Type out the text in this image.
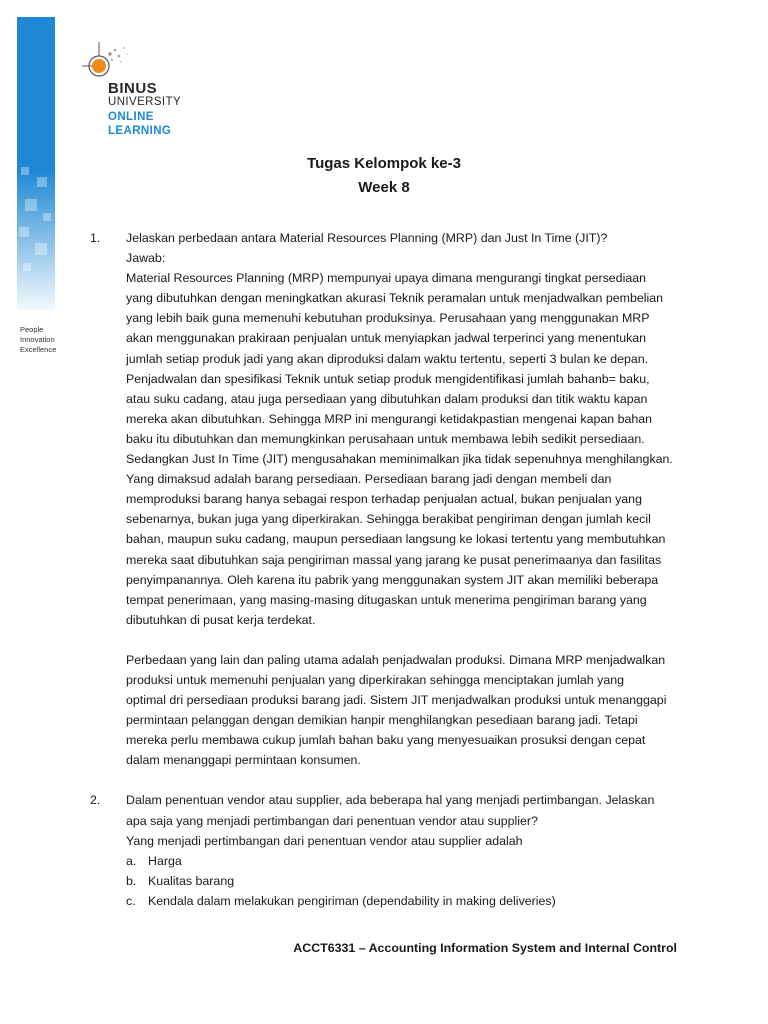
BINUS
UNIVERSITY
ONLINE
LEARNING
People
Innovation
Excellence
Tugas Kelompok ke-3
Week 8
1. Jelaskan perbedaan antara Material Resources Planning (MRP) dan Just In Time (JIT)?
Jawab:
Material Resources Planning (MRP) mempunyai upaya dimana mengurangi tingkat persediaan
yang dibutuhkan dengan meningkatkan akurasi Teknik peramalan untuk menjadwalkan pembelian
yang lebih baik guna memenuhi kebutuhan produksinya. Perusahaan yang menggunakan MRP
akan menggunakan prakiraan penjualan untuk menyiapkan jadwal terperinci yang menentukan
jumlah setiap produk jadi yang akan diproduksi dalam waktu tertentu, seperti 3 bulan ke depan.
Penjadwalan dan spesifikasi Teknik untuk setiap produk mengidentifikasi jumlah bahanb= baku,
atau suku cadang, atau juga persediaan yang dibutuhkan dalam produksi dan titik waktu kapan
mereka akan dibutuhkan. Sehingga MRP ini mengurangi ketidakpastian mengenai kapan bahan
baku itu dibutuhkan dan memungkinkan perusahaan untuk membawa lebih sedikit persediaan.
Sedangkan Just In Time (JIT) mengusahakan meminimalkan jika tidak sepenuhnya menghilangkan.
Yang dimaksud adalah barang persediaan. Persediaan barang jadi dengan membeli dan
memproduksi barang hanya sebagai respon terhadap penjualan actual, bukan penjualan yang
sebenarnya, bukan juga yang diperkirakan. Sehingga berakibat pengiriman dengan jumlah kecil
bahan, maupun suku cadang, maupun persediaan langsung ke lokasi tertentu yang membutuhkan
mereka saat dibutuhkan saja pengiriman massal yang jarang ke pusat penerimaanya dan fasilitas
penyimpanannya. Oleh karena itu pabrik yang menggunakan system JIT akan memiliki beberapa
tempat penerimaan, yang masing-masing ditugaskan untuk menerima pengiriman barang yang
dibutuhkan di pusat kerja terdekat.
Perbedaan yang lain dan paling utama adalah penjadwalan produksi. Dimana MRP menjadwalkan
produksi untuk memenuhi penjualan yang diperkirakan sehingga menciptakan jumlah yang
optimal dri persediaan produksi barang jadi. Sistem JIT menjadwalkan produksi untuk menanggapi
permintaan pelanggan dengan demikian hanpir menghilangkan pesediaan barang jadi. Tetapi
mereka perlu membawa cukup jumlah bahan baku yang menyesuaikan prosuksi dengan cepat
dalam menanggapi permintaan konsumen.
2. Dalam penentuan vendor atau supplier, ada beberapa hal yang menjadi pertimbangan. Jelaskan
apa saja yang menjadi pertimbangan dari penentuan vendor atau supplier?
Yang menjadi pertimbangan dari penentuan vendor atau supplier adalah
a. Harga
b. Kualitas barang
c. Kendala dalam melakukan pengiriman (dependability in making deliveries)
ACCT6331 – Accounting Information System and Internal Control
